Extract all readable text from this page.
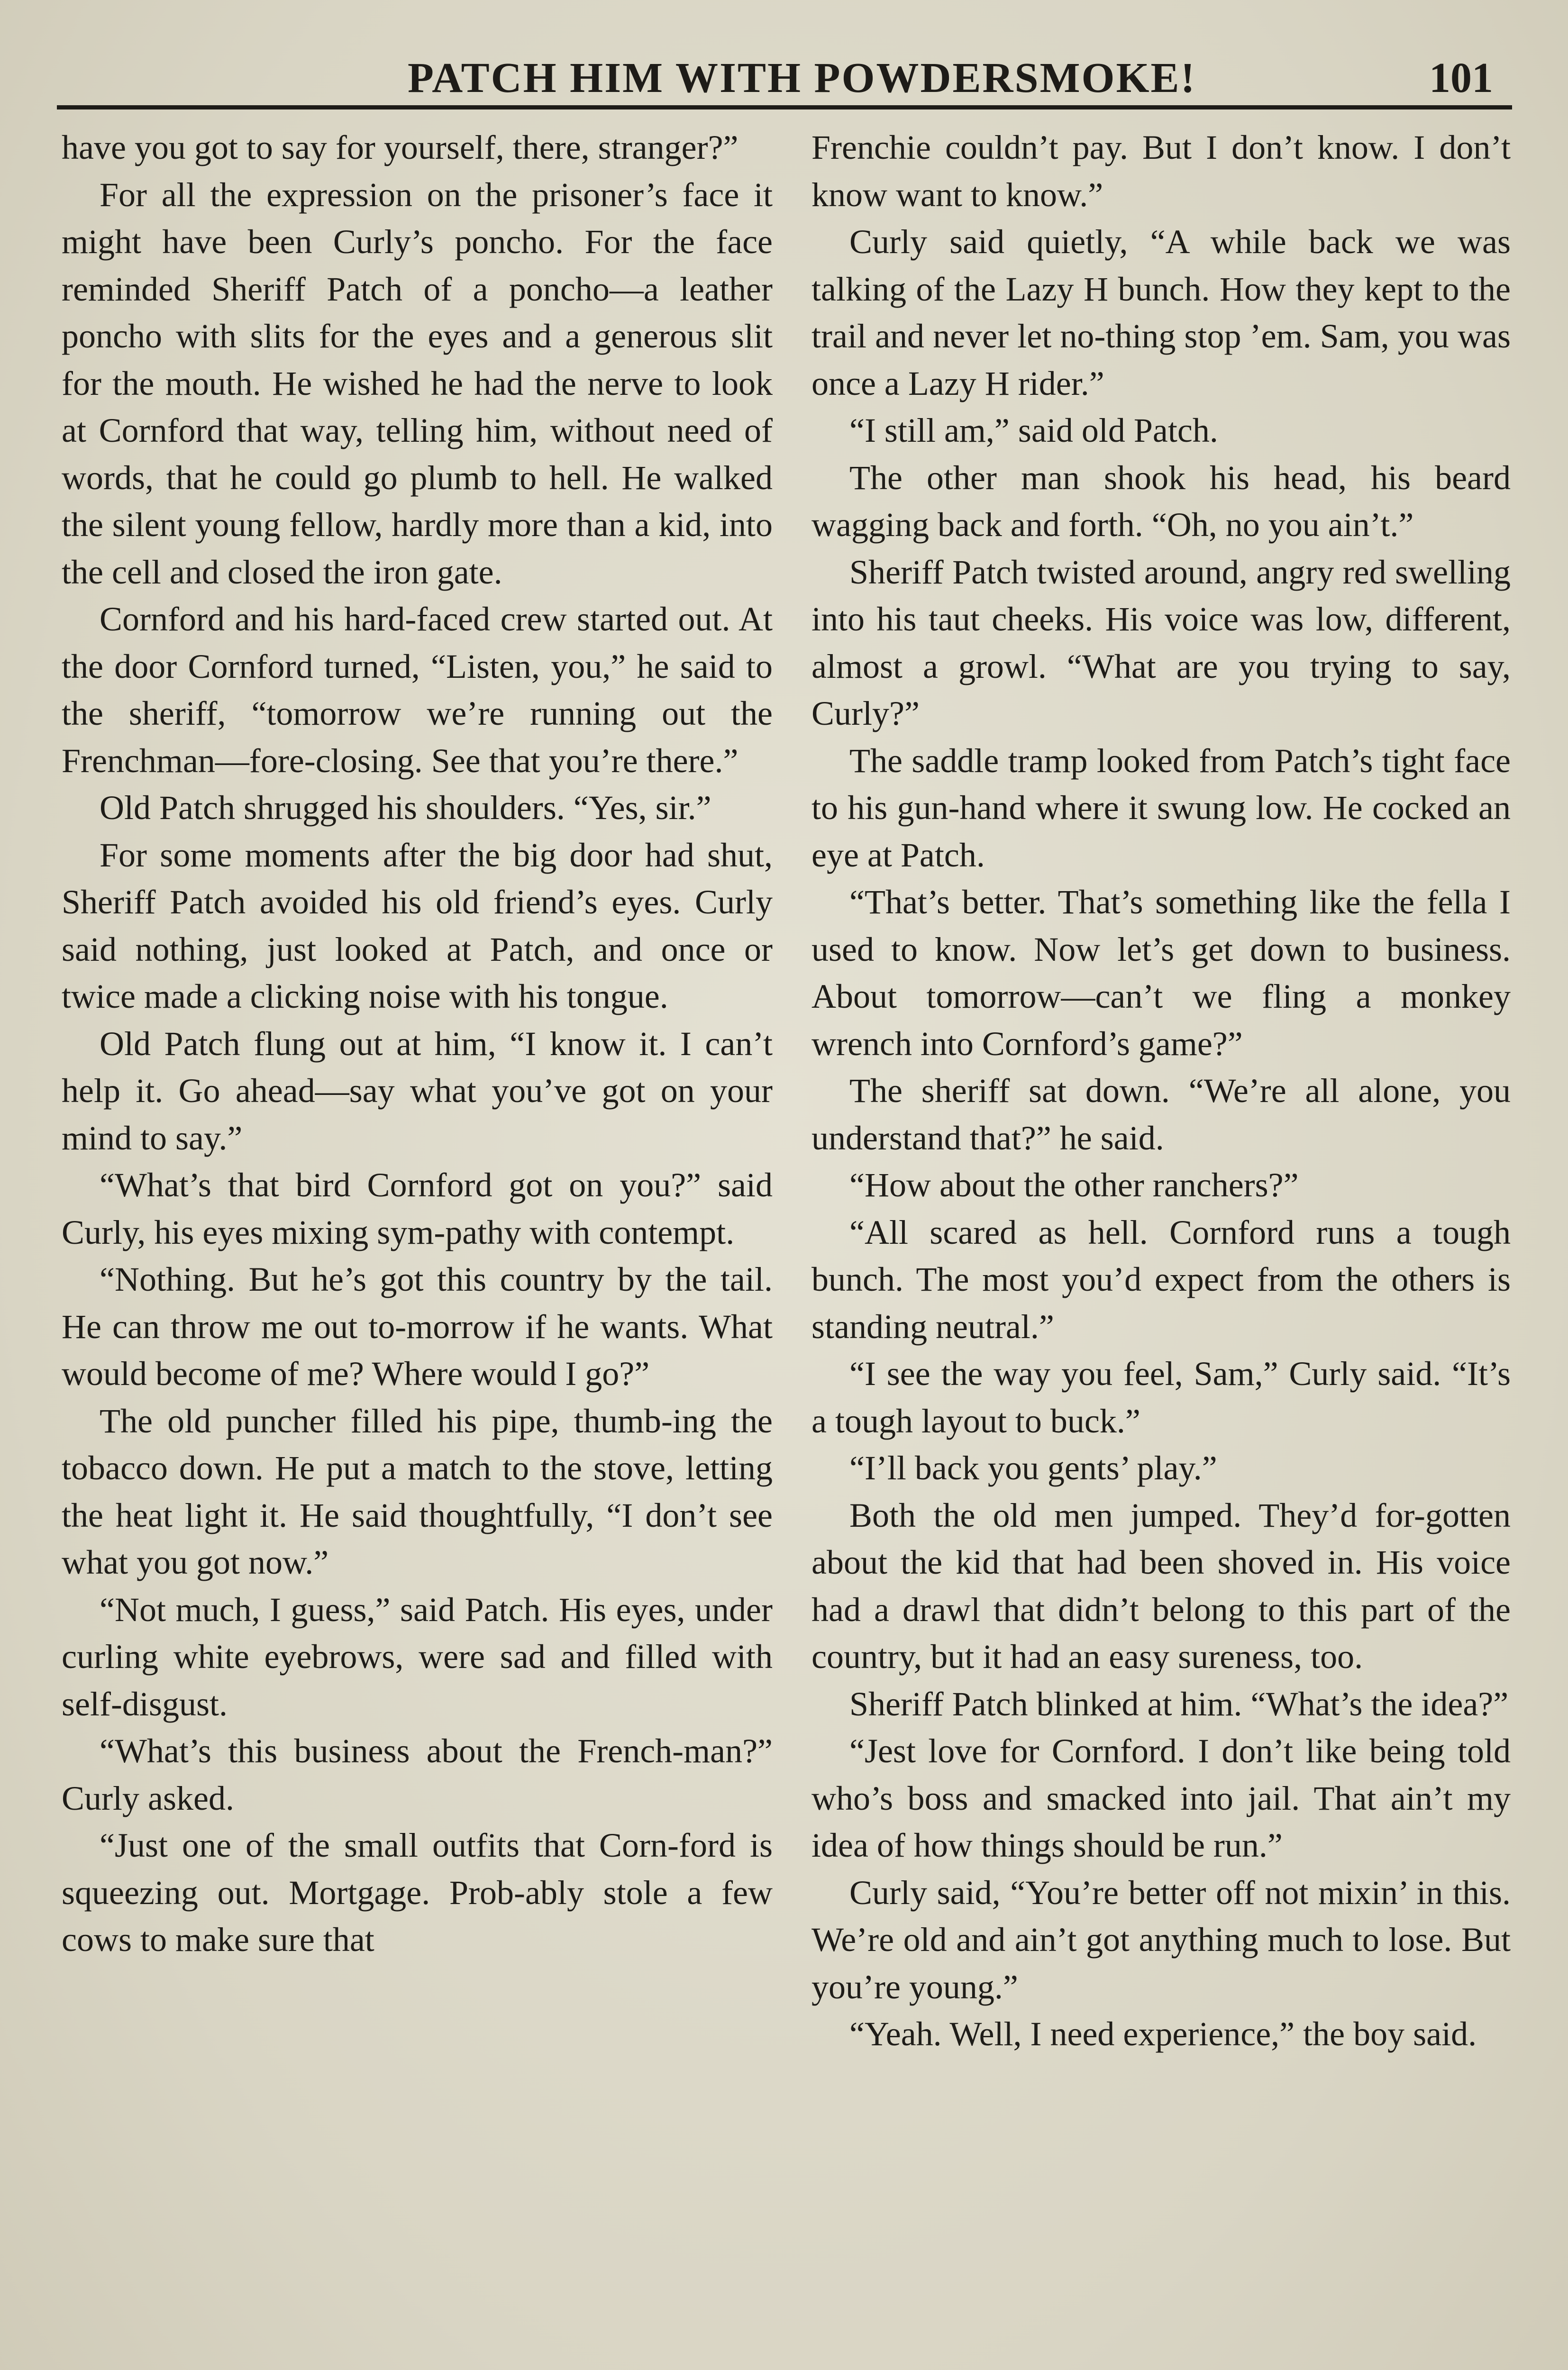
PATCH HIM WITH POWDERSMOKE!	101

have you got to say for yourself, there, stranger?”

For all the expression on the prisoner’s face it might have been Curly’s poncho. For the face reminded Sheriff Patch of a poncho—a leather poncho with slits for the eyes and a generous slit for the mouth. He wished he had the nerve to look at Cornford that way, telling him, without need of words, that he could go plumb to hell. He walked the silent young fellow, hardly more than a kid, into the cell and closed the iron gate.

Cornford and his hard-faced crew started out. At the door Cornford turned, “Listen, you,” he said to the sheriff, “tomorrow we’re running out the Frenchman—fore-closing. See that you’re there.”

Old Patch shrugged his shoulders. “Yes, sir.”

For some moments after the big door had shut, Sheriff Patch avoided his old friend’s eyes. Curly said nothing, just looked at Patch, and once or twice made a clicking noise with his tongue.

Old Patch flung out at him, “I know it. I can’t help it. Go ahead—say what you’ve got on your mind to say.”

“What’s that bird Cornford got on you?” said Curly, his eyes mixing sym-pathy with contempt.

“Nothing. But he’s got this country by the tail. He can throw me out to-morrow if he wants. What would become of me? Where would I go?”

The old puncher filled his pipe, thumb-ing the tobacco down. He put a match to the stove, letting the heat light it. He said thoughtfully, “I don’t see what you got now.”

“Not much, I guess,” said Patch. His eyes, under curling white eyebrows, were sad and filled with self-disgust.

“What’s this business about the French-man?” Curly asked.

“Just one of the small outfits that Corn-ford is squeezing out. Mortgage. Prob-ably stole a few cows to make sure that

Frenchie couldn’t pay. But I don’t know. I don’t know want to know.”

Curly said quietly, “A while back we was talking of the Lazy H bunch. How they kept to the trail and never let no-thing stop ’em. Sam, you was once a Lazy H rider.”

“I still am,” said old Patch.

The other man shook his head, his beard wagging back and forth. “Oh, no you ain’t.”

Sheriff Patch twisted around, angry red swelling into his taut cheeks. His voice was low, different, almost a growl. “What are you trying to say, Curly?”

The saddle tramp looked from Patch’s tight face to his gun-hand where it swung low. He cocked an eye at Patch.

“That’s better. That’s something like the fella I used to know. Now let’s get down to business. About tomorrow—can’t we fling a monkey wrench into Cornford’s game?”

The sheriff sat down. “We’re all alone, you understand that?” he said.

“How about the other ranchers?”

“All scared as hell. Cornford runs a tough bunch. The most you’d expect from the others is standing neutral.”

“I see the way you feel, Sam,” Curly said. “It’s a tough layout to buck.”

“I’ll back you gents’ play.”

Both the old men jumped. They’d for-gotten about the kid that had been shoved in. His voice had a drawl that didn’t belong to this part of the country, but it had an easy sureness, too.

Sheriff Patch blinked at him. “What’s the idea?”

“Jest love for Cornford. I don’t like being told who’s boss and smacked into jail. That ain’t my idea of how things should be run.”

Curly said, “You’re better off not mixin’ in this. We’re old and ain’t got anything much to lose. But you’re young.”

“Yeah. Well, I need experience,” the boy said.
